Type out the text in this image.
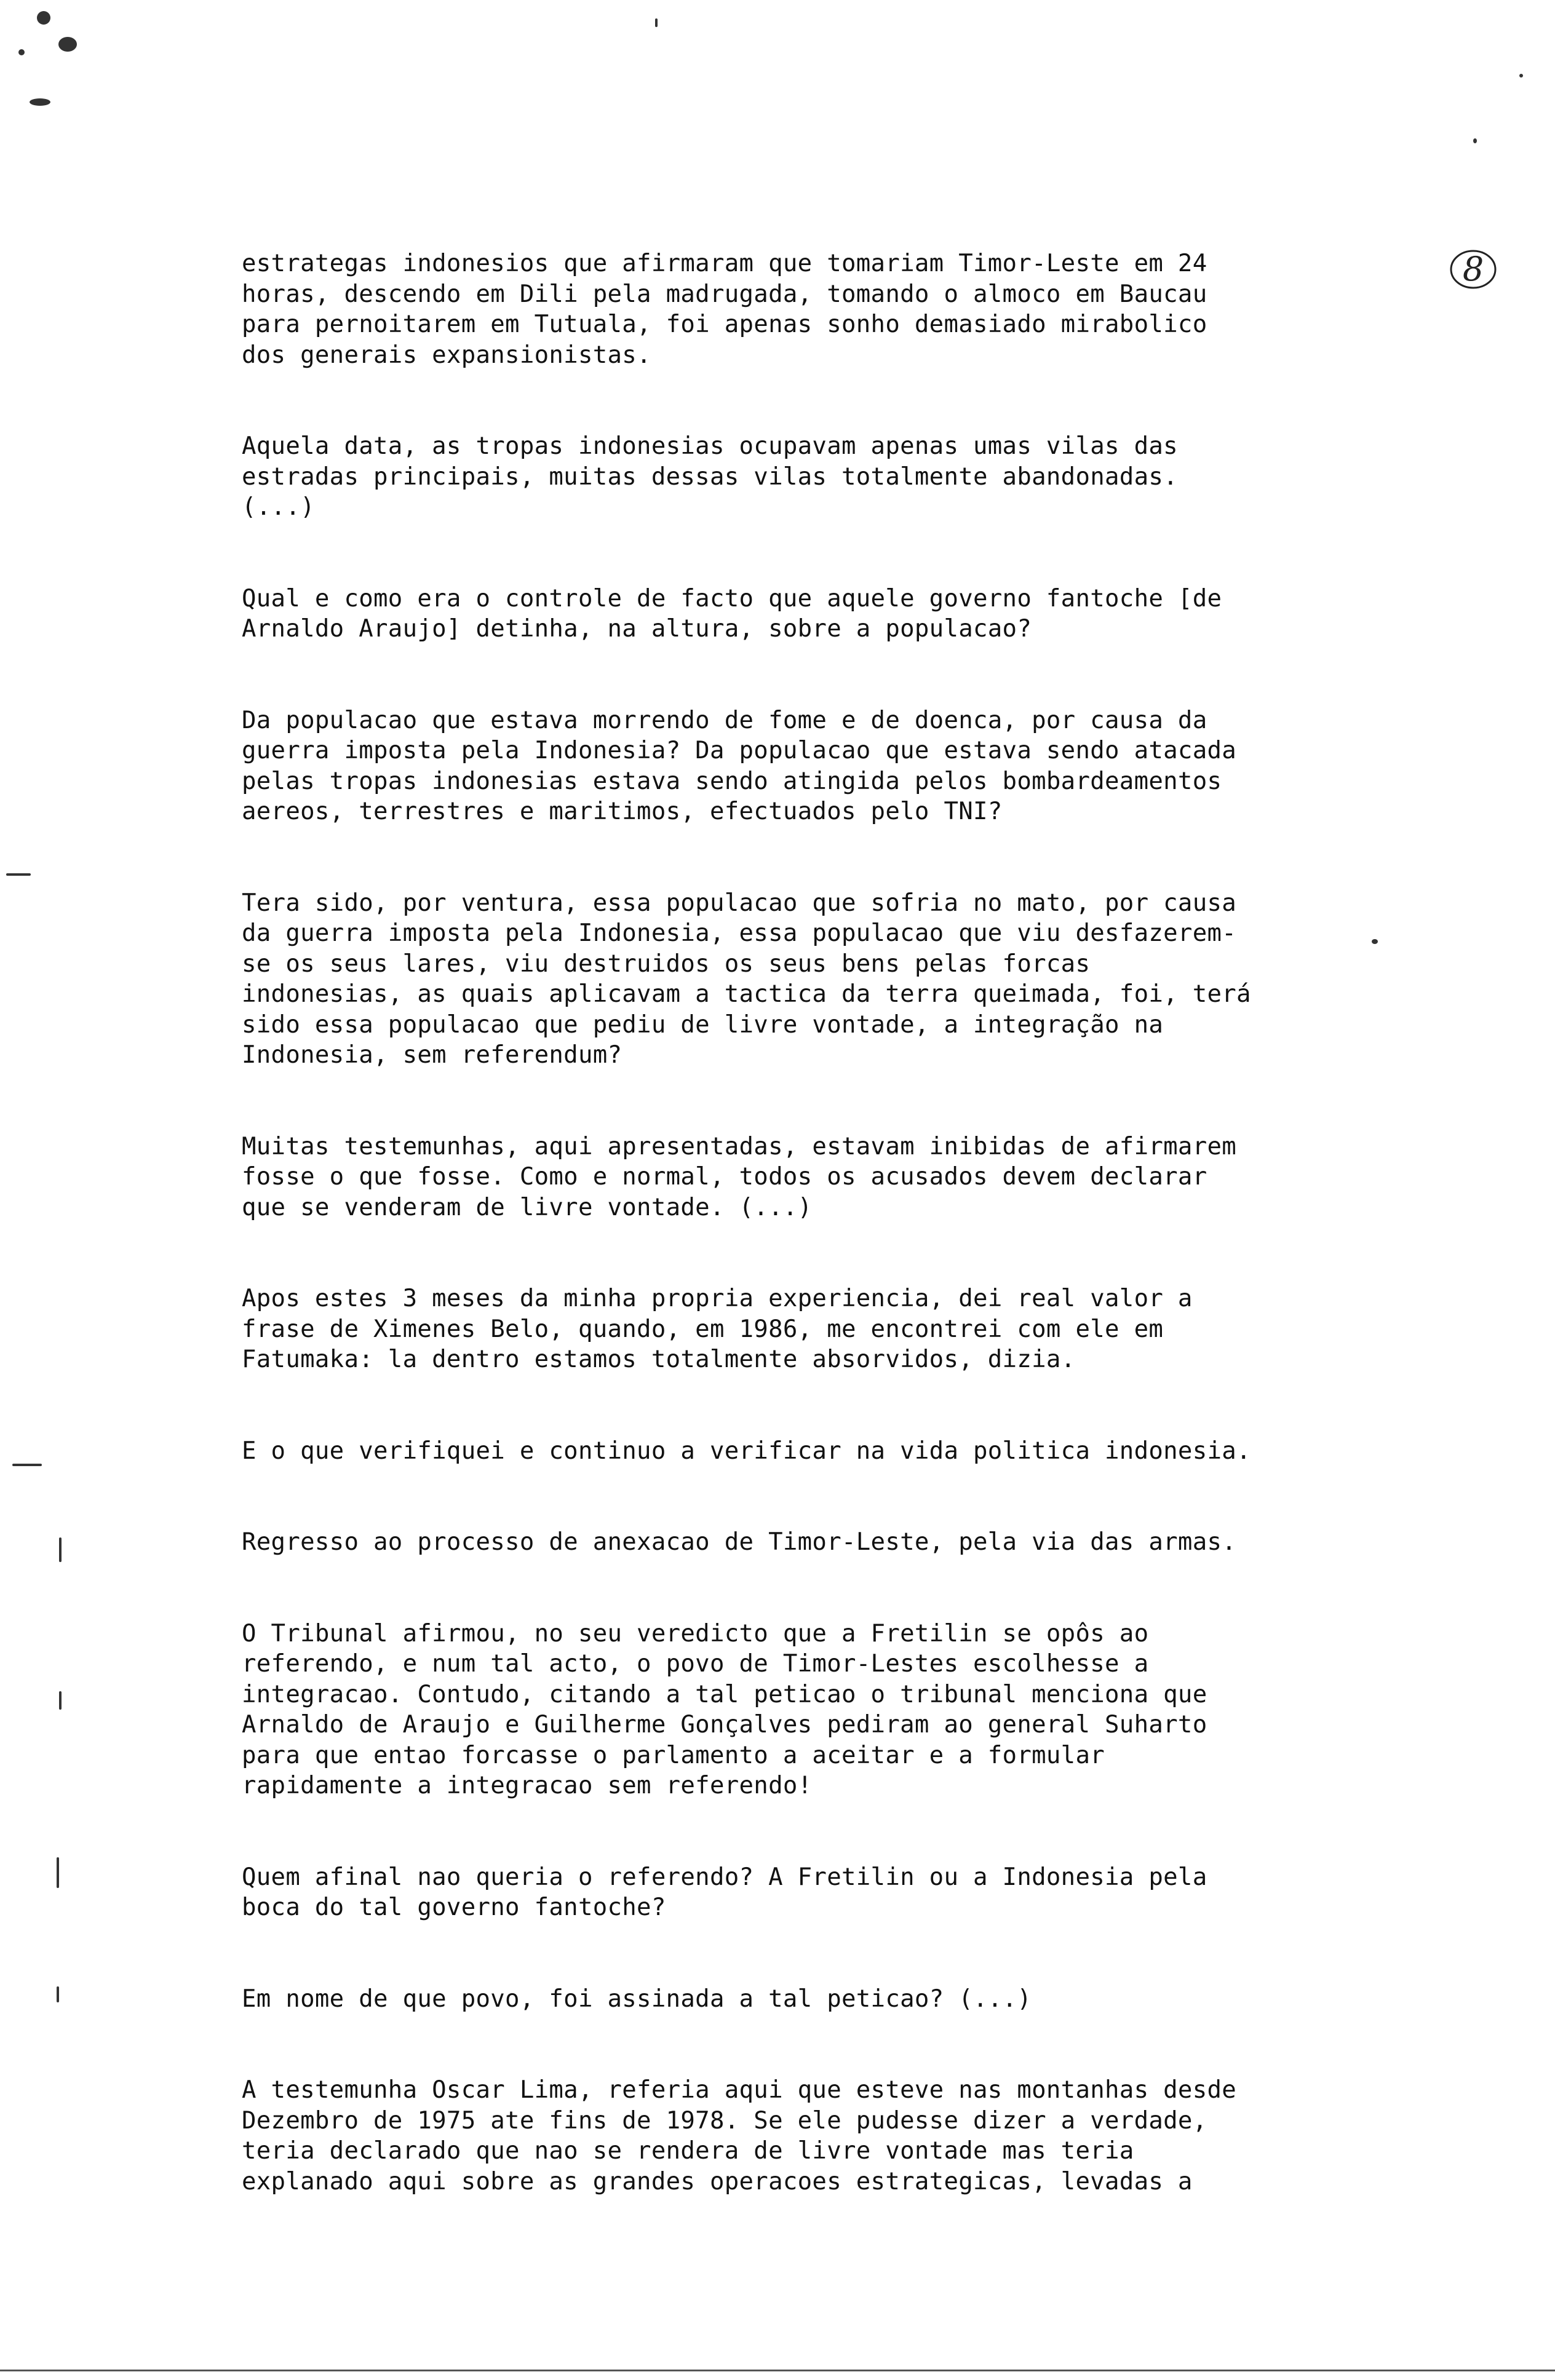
8
estrategas indonesios que afirmaram que tomariam Timor-Leste em 24
horas, descendo em Dili pela madrugada, tomando o almoco em Baucau
para pernoitarem em Tutuala, foi apenas sonho demasiado mirabolico
dos generais expansionistas.
Aquela data, as tropas indonesias ocupavam apenas umas vilas das
estradas principais, muitas dessas vilas totalmente abandonadas.
(...)
Qual e como era o controle de facto que aquele governo fantoche [de
Arnaldo Araujo] detinha, na altura, sobre a populacao?
Da populacao que estava morrendo de fome e de doenca, por causa da
guerra imposta pela Indonesia? Da populacao que estava sendo atacada
pelas tropas indonesias estava sendo atingida pelos bombardeamentos
aereos, terrestres e maritimos, efectuados pelo TNI?
Tera sido, por ventura, essa populacao que sofria no mato, por causa
da guerra imposta pela Indonesia, essa populacao que viu desfazerem-
se os seus lares, viu destruidos os seus bens pelas forcas
indonesias, as quais aplicavam a tactica da terra queimada, foi, terá
sido essa populacao que pediu de livre vontade, a integração na
Indonesia, sem referendum?
Muitas testemunhas, aqui apresentadas, estavam inibidas de afirmarem
fosse o que fosse. Como e normal, todos os acusados devem declarar
que se venderam de livre vontade. (...)
Apos estes 3 meses da minha propria experiencia, dei real valor a
frase de Ximenes Belo, quando, em 1986, me encontrei com ele em
Fatumaka: la dentro estamos totalmente absorvidos, dizia.
E o que verifiquei e continuo a verificar na vida politica indonesia.
Regresso ao processo de anexacao de Timor-Leste, pela via das armas.
O Tribunal afirmou, no seu veredicto que a Fretilin se opôs ao
referendo, e num tal acto, o povo de Timor-Lestes escolhesse a
integracao. Contudo, citando a tal peticao o tribunal menciona que
Arnaldo de Araujo e Guilherme Gonçalves pediram ao general Suharto
para que entao forcasse o parlamento a aceitar e a formular
rapidamente a integracao sem referendo!
Quem afinal nao queria o referendo? A Fretilin ou a Indonesia pela
boca do tal governo fantoche?
Em nome de que povo, foi assinada a tal peticao? (...)
A testemunha Oscar Lima, referia aqui que esteve nas montanhas desde
Dezembro de 1975 ate fins de 1978. Se ele pudesse dizer a verdade,
teria declarado que nao se rendera de livre vontade mas teria
explanado aqui sobre as grandes operacoes estrategicas, levadas a
